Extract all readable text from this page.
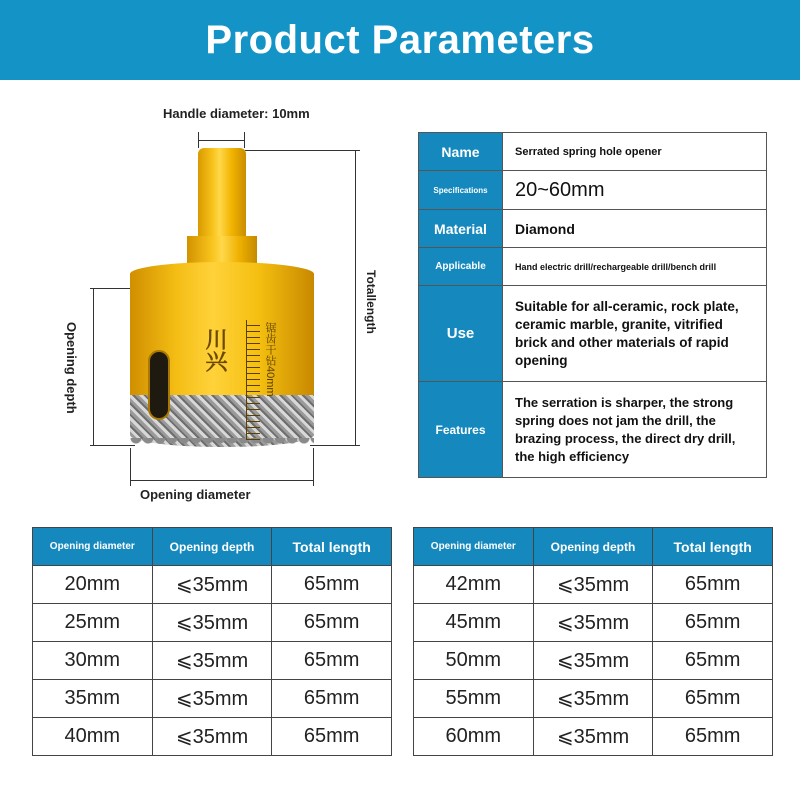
Product Parameters
Handle diameter: 10mm
Totallength
Opening depth
Opening diameter
川兴	锯齿干钻40mm
Name	Serrated spring hole opener
Specifications	20~60mm
Material	Diamond
Applicable	Hand electric drill/rechargeable drill/bench drill
Use	Suitable for all-ceramic, rock plate, ceramic marble, granite, vitrified brick and other materials of rapid opening
Features	The serration is sharper, the strong spring does not jam the drill, the brazing process, the direct dry drill, the high efficiency
Opening diameter	Opening depth	Total length
20mm	⩽35mm	65mm
25mm	⩽35mm	65mm
30mm	⩽35mm	65mm
35mm	⩽35mm	65mm
40mm	⩽35mm	65mm
Opening diameter	Opening depth	Total length
42mm	⩽35mm	65mm
45mm	⩽35mm	65mm
50mm	⩽35mm	65mm
55mm	⩽35mm	65mm
60mm	⩽35mm	65mm
